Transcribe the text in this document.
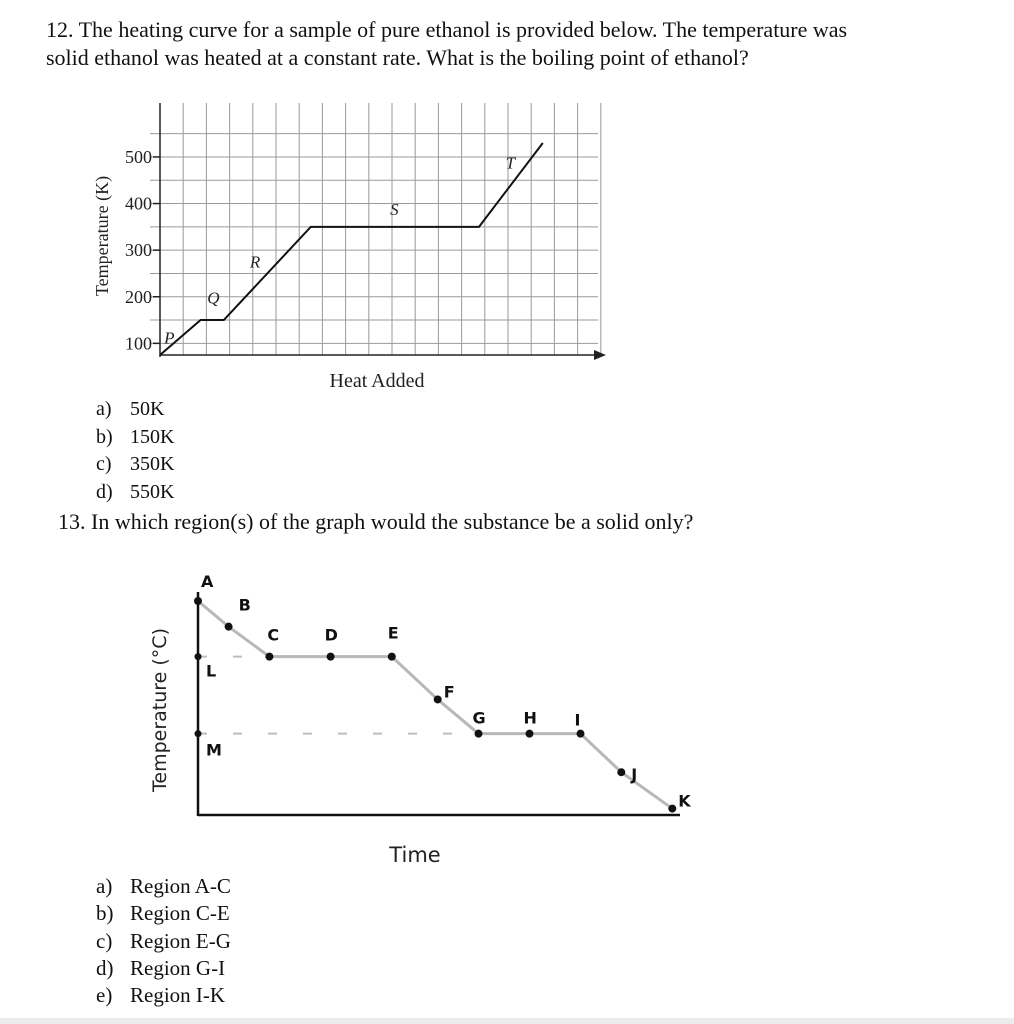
12. The heating curve for a sample of pure ethanol is provided below. The temperature was
solid ethanol was heated at a constant rate. What is the boiling point of ethanol?

100
200
300
400
500
P
Q
R
S
T
Temperature (K)
Heat Added
a) 50K
b) 150K
c) 350K
d) 550K

13. In which region(s) of the graph would the substance be a solid only?

L
M
A
B
C	D	E
F
G H I
J
K
Temperature (°C)
Time
a) Region A-C
b) Region C-E
c) Region E-G
d) Region G-I
e) Region I-K
